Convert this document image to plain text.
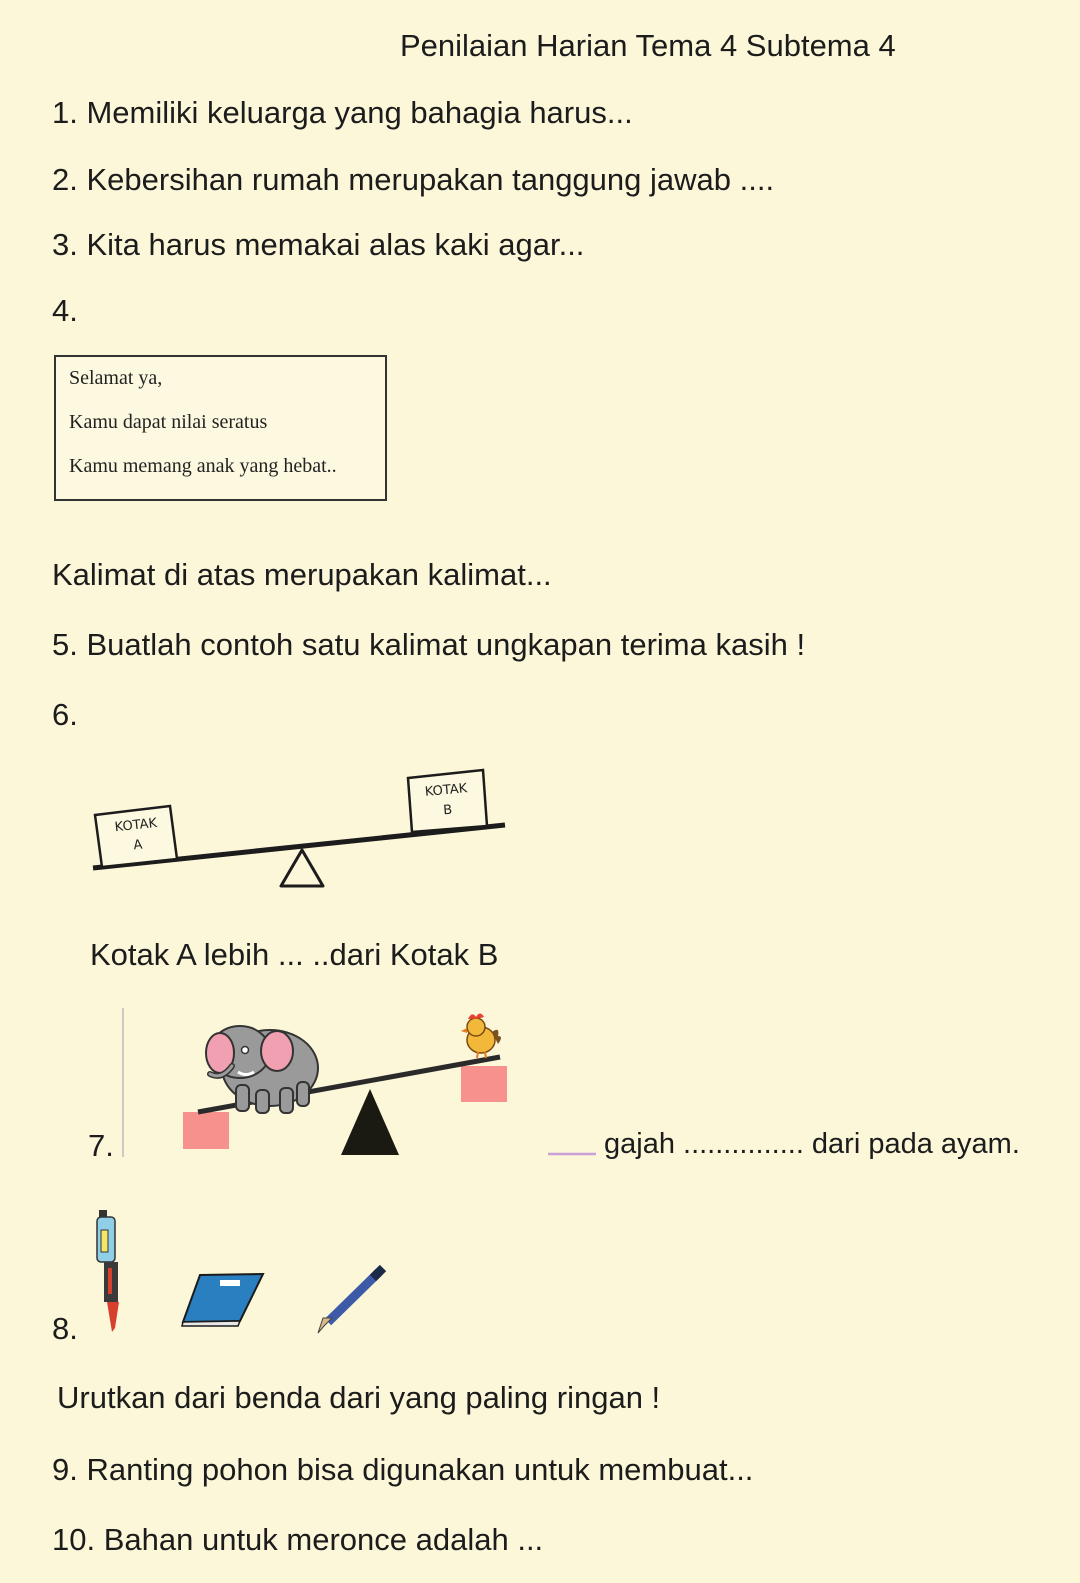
Penilaian Harian Tema 4 Subtema 4
1. Memiliki keluarga yang bahagia harus...
2. Kebersihan rumah merupakan tanggung jawab ....
3. Kita harus memakai alas kaki agar...
4.
Selamat ya,
Kamu dapat nilai seratus
Kamu memang anak yang hebat..
Kalimat di atas merupakan kalimat...
5. Buatlah contoh satu kalimat ungkapan terima kasih !
6.
KOTAK
A
KOTAK
B
Kotak A lebih ... ..dari Kotak B
7.	gajah ............... dari pada ayam.
8.
Urutkan dari benda dari yang paling ringan !
9. Ranting pohon bisa digunakan untuk membuat...
10. Bahan untuk meronce adalah ...
